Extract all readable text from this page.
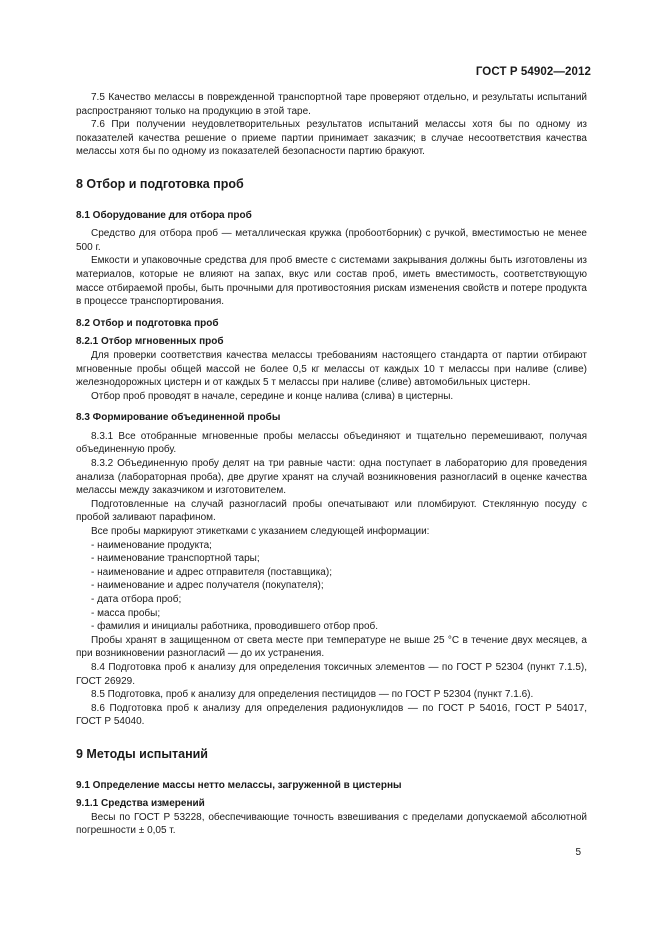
ГОСТ Р 54902—2012

7.5 Качество мелассы в поврежденной транспортной таре проверяют отдельно, и результаты испытаний распространяют только на продукцию в этой таре.

7.6 При получении неудовлетворительных результатов испытаний мелассы хотя бы по одному из показателей качества решение о приеме партии принимает заказчик; в случае несоответствия качества мелассы хотя бы по одному из показателей безопасности партию бракуют.

8 Отбор и подготовка проб
8.1 Оборудование для отбора проб

Средство для отбора проб — металлическая кружка (пробоотборник) с ручкой, вместимостью не менее 500 г.

Емкости и упаковочные средства для проб вместе с системами закрывания должны быть изготовлены из материалов, которые не влияют на запах, вкус или состав проб, иметь вместимость, соответствующую массе отбираемой пробы, быть прочными для противостояния рискам изменения свойств и потере продукта в процессе транспортирования.

8.2 Отбор и подготовка проб
8.2.1 Отбор мгновенных проб

Для проверки соответствия качества мелассы требованиям настоящего стандарта от партии отбирают мгновенные пробы общей массой не более 0,5 кг мелассы от каждых 10 т мелассы при наливе (сливе) железнодорожных цистерн и от каждых 5 т мелассы при наливе (сливе) автомобильных цистерн.

Отбор проб проводят в начале, середине и конце налива (слива) в цистерны.

8.3 Формирование объединенной пробы

8.3.1 Все отобранные мгновенные пробы мелассы объединяют и тщательно перемешивают, получая объединенную пробу.

8.3.2 Объединенную пробу делят на три равные части: одна поступает в лабораторию для проведения анализа (лабораторная проба), две другие хранят на случай возникновения разногласий в оценке качества мелассы между заказчиком и изготовителем.

Подготовленные на случай разногласий пробы опечатывают или пломбируют. Стеклянную посуду с пробой заливают парафином.

Все пробы маркируют этикетками с указанием следующей информации:

- наименование продукта;

- наименование транспортной тары;

- наименование и адрес отправителя (поставщика);

- наименование и адрес получателя (покупателя);

- дата отбора проб;

- масса пробы;

- фамилия и инициалы работника, проводившего отбор проб.

Пробы хранят в защищенном от света месте при температуре не выше 25 °С в течение двух месяцев, а при возникновении разногласий — до их устранения.

8.4 Подготовка проб к анализу для определения токсичных элементов — по ГОСТ Р 52304 (пункт 7.1.5), ГОСТ 26929.

8.5 Подготовка, проб к анализу для определения пестицидов — по ГОСТ Р 52304 (пункт 7.1.6).

8.6 Подготовка проб к анализу для определения радионуклидов — по ГОСТ Р 54016, ГОСТ Р 54017, ГОСТ Р 54040.

9 Методы испытаний
9.1 Определение массы нетто мелассы, загруженной в цистерны
9.1.1 Средства измерений

Весы по ГОСТ Р 53228, обеспечивающие точность взвешивания с пределами допускаемой абсолютной погрешности ± 0,05 т.

5
